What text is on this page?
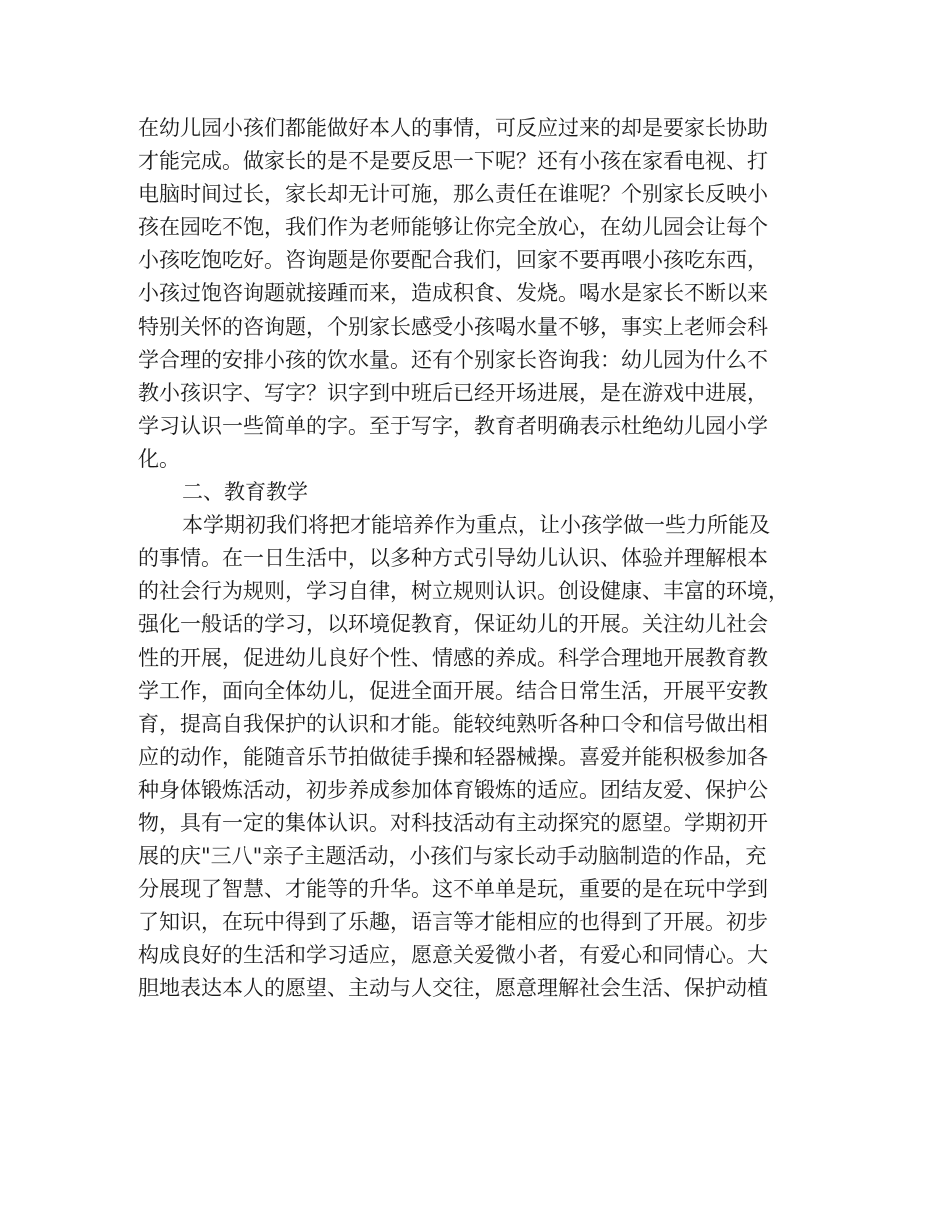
在幼儿园小孩们都能做好本人的事情，可反应过来的却是要家长协助
才能完成。做家长的是不是要反思一下呢？还有小孩在家看电视、打
电脑时间过长，家长却无计可施，那么责任在谁呢？个别家长反映小
孩在园吃不饱，我们作为老师能够让你完全放心，在幼儿园会让每个
小孩吃饱吃好。咨询题是你要配合我们，回家不要再喂小孩吃东西，
小孩过饱咨询题就接踵而来，造成积食、发烧。喝水是家长不断以来
特别关怀的咨询题，个别家长感受小孩喝水量不够，事实上老师会科
学合理的安排小孩的饮水量。还有个别家长咨询我：幼儿园为什么不
教小孩识字、写字？识字到中班后已经开场进展，是在游戏中进展，
学习认识一些简单的字。至于写字，教育者明确表示杜绝幼儿园小学
化。
二、教育教学
本学期初我们将把才能培养作为重点，让小孩学做一些力所能及
的事情。在一日生活中，以多种方式引导幼儿认识、体验并理解根本
的社会行为规则，学习自律，树立规则认识。创设健康、丰富的环境，
强化一般话的学习，以环境促教育，保证幼儿的开展。关注幼儿社会
性的开展，促进幼儿良好个性、情感的养成。科学合理地开展教育教
学工作，面向全体幼儿，促进全面开展。结合日常生活，开展平安教
育，提高自我保护的认识和才能。能较纯熟听各种口令和信号做出相
应的动作，能随音乐节拍做徒手操和轻器械操。喜爱并能积极参加各
种身体锻炼活动，初步养成参加体育锻炼的适应。团结友爱、保护公
物，具有一定的集体认识。对科技活动有主动探究的愿望。学期初开
展的庆"三八"亲子主题活动，小孩们与家长动手动脑制造的作品，充
分展现了智慧、才能等的升华。这不单单是玩，重要的是在玩中学到
了知识，在玩中得到了乐趣，语言等才能相应的也得到了开展。初步
构成良好的生活和学习适应，愿意关爱微小者，有爱心和同情心。大
胆地表达本人的愿望、主动与人交往，愿意理解社会生活、保护动植
